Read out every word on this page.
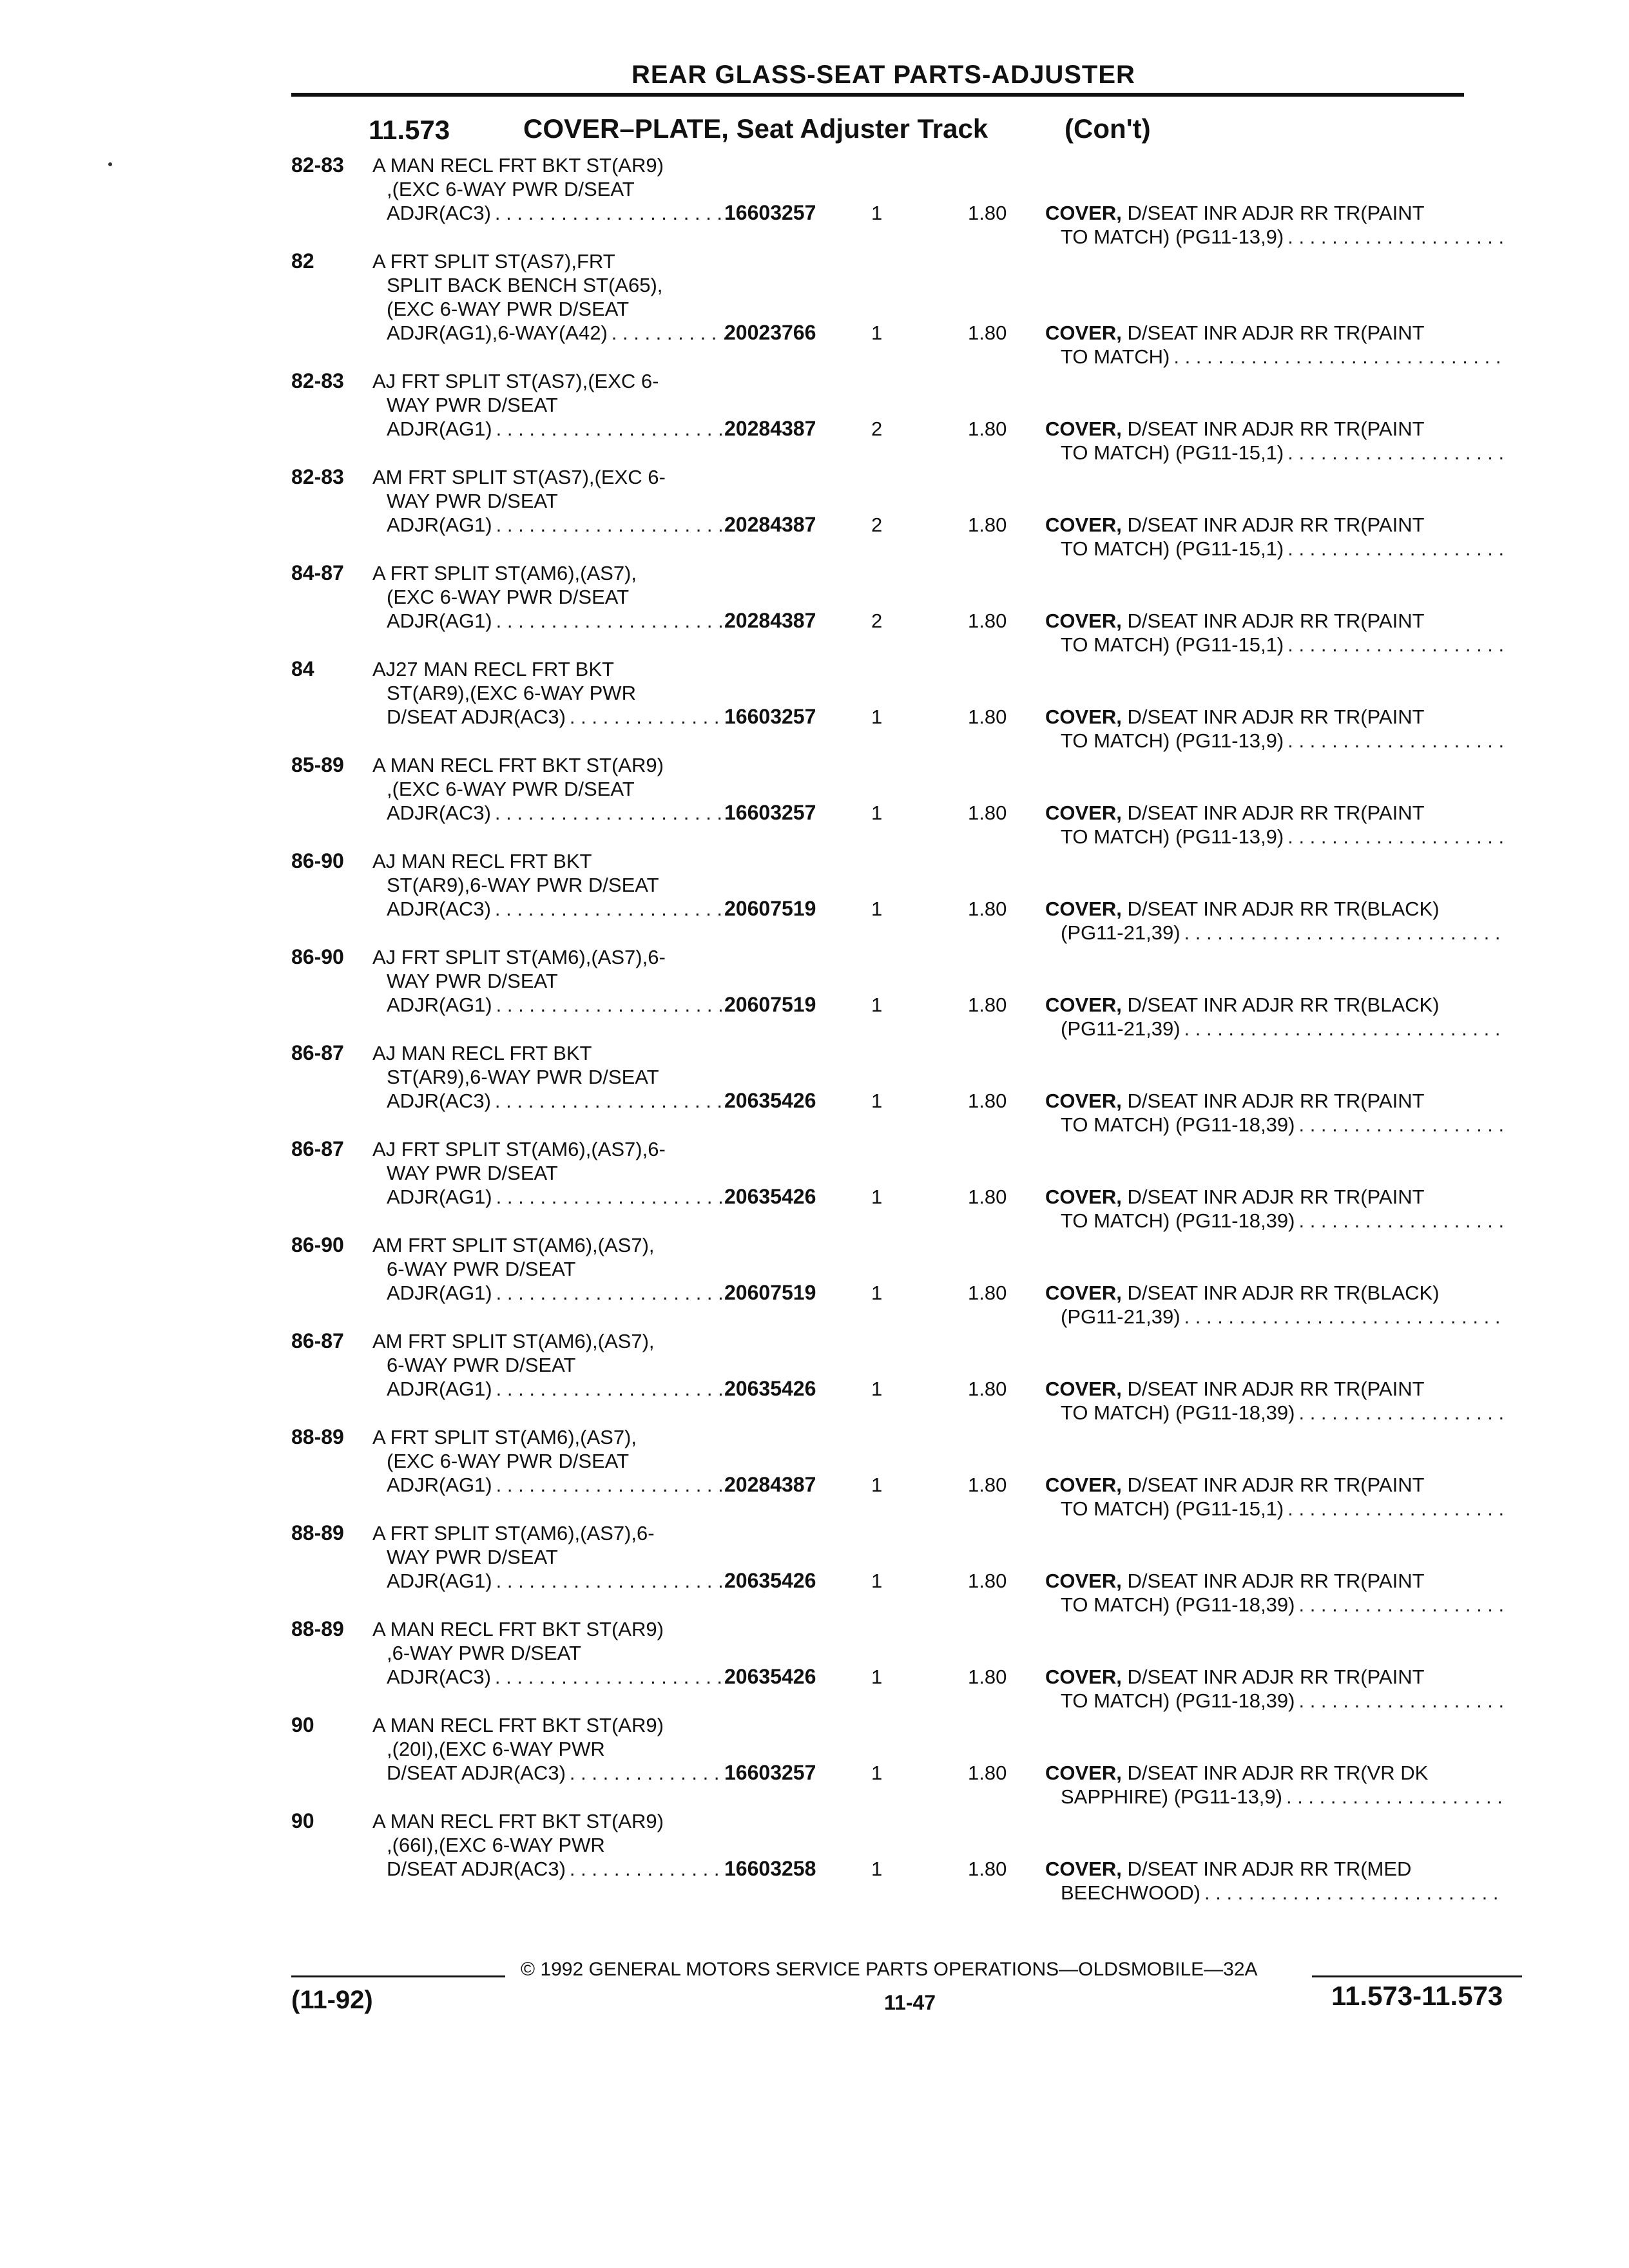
REAR GLASS-SEAT PARTS-ADJUSTER
11.573	COVER–PLATE, Seat Adjuster Track	(Con't)
82-83 A MAN RECL FRT BKT ST(AR9)
,(EXC 6-WAY PWR D/SEAT
ADJR(AC3) . . .	16603257	1	1.80 COVER, D/SEAT INR ADJR RR TR(PAINT
TO MATCH) (PG11-13,9)
. . .
82	A FRT SPLIT ST(AS7),FRT
SPLIT BACK BENCH ST(A65),
(EXC 6-WAY PWR D/SEAT
ADJR(AG1),6-WAY(A42) . . .	20023766	1	1.80 COVER, D/SEAT INR ADJR RR TR(PAINT
TO MATCH)
. . .
82-83 AJ FRT SPLIT ST(AS7),(EXC 6-
WAY PWR D/SEAT
ADJR(AG1) . . .	20284387	2	1.80 COVER, D/SEAT INR ADJR RR TR(PAINT
TO MATCH) (PG11-15,1)
. . .
82-83 AM FRT SPLIT ST(AS7),(EXC 6-
WAY PWR D/SEAT
ADJR(AG1) . . .	20284387	2	1.80 COVER, D/SEAT INR ADJR RR TR(PAINT
TO MATCH) (PG11-15,1)
. . .
84-87 A FRT SPLIT ST(AM6),(AS7),
(EXC 6-WAY PWR D/SEAT
ADJR(AG1) . . .	20284387	2	1.80 COVER, D/SEAT INR ADJR RR TR(PAINT
TO MATCH) (PG11-15,1)
. . .
84	AJ27 MAN RECL FRT BKT
ST(AR9),(EXC 6-WAY PWR
D/SEAT ADJR(AC3) . . .	16603257	1	1.80 COVER, D/SEAT INR ADJR RR TR(PAINT
TO MATCH) (PG11-13,9)
. . .
85-89 A MAN RECL FRT BKT ST(AR9)
,(EXC 6-WAY PWR D/SEAT
ADJR(AC3) . . .	16603257	1	1.80 COVER, D/SEAT INR ADJR RR TR(PAINT
TO MATCH) (PG11-13,9)
. . .
86-90 AJ MAN RECL FRT BKT
ST(AR9),6-WAY PWR D/SEAT
ADJR(AC3) . . .	20607519	1	1.80 COVER, D/SEAT INR ADJR RR TR(BLACK)
(PG11-21,39)
. . .
86-90 AJ FRT SPLIT ST(AM6),(AS7),6-
WAY PWR D/SEAT
ADJR(AG1) . . .	20607519	1	1.80 COVER, D/SEAT INR ADJR RR TR(BLACK)
(PG11-21,39)
. . .
86-87 AJ MAN RECL FRT BKT
ST(AR9),6-WAY PWR D/SEAT
ADJR(AC3) . . .	20635426	1	1.80 COVER, D/SEAT INR ADJR RR TR(PAINT
TO MATCH) (PG11-18,39)
. . .
86-87 AJ FRT SPLIT ST(AM6),(AS7),6-
WAY PWR D/SEAT
ADJR(AG1) . . .	20635426	1	1.80 COVER, D/SEAT INR ADJR RR TR(PAINT
TO MATCH) (PG11-18,39)
. . .
86-90 AM FRT SPLIT ST(AM6),(AS7),
6-WAY PWR D/SEAT
ADJR(AG1) . . .	20607519	1	1.80 COVER, D/SEAT INR ADJR RR TR(BLACK)
(PG11-21,39)
. . .
86-87 AM FRT SPLIT ST(AM6),(AS7),
6-WAY PWR D/SEAT
ADJR(AG1) . . .	20635426	1	1.80 COVER, D/SEAT INR ADJR RR TR(PAINT
TO MATCH) (PG11-18,39)
. . .
88-89 A FRT SPLIT ST(AM6),(AS7),
(EXC 6-WAY PWR D/SEAT
ADJR(AG1) . . .	20284387	1	1.80 COVER, D/SEAT INR ADJR RR TR(PAINT
TO MATCH) (PG11-15,1)
. . .
88-89 A FRT SPLIT ST(AM6),(AS7),6-
WAY PWR D/SEAT
ADJR(AG1) . . .	20635426	1	1.80 COVER, D/SEAT INR ADJR RR TR(PAINT
TO MATCH) (PG11-18,39)
. . .
88-89 A MAN RECL FRT BKT ST(AR9)
,6-WAY PWR D/SEAT
ADJR(AC3) . . .	20635426	1	1.80 COVER, D/SEAT INR ADJR RR TR(PAINT
TO MATCH) (PG11-18,39)
. . .
90	A MAN RECL FRT BKT ST(AR9)
,(20I),(EXC 6-WAY PWR
D/SEAT ADJR(AC3) . . .	16603257	1	1.80 COVER, D/SEAT INR ADJR RR TR(VR DK
SAPPHIRE) (PG11-13,9)
. . .
90	A MAN RECL FRT BKT ST(AR9)
,(66I),(EXC 6-WAY PWR
D/SEAT ADJR(AC3) . . .	16603258	1	1.80 COVER, D/SEAT INR ADJR RR TR(MED
BEECHWOOD)
. . .
© 1992 GENERAL MOTORS SERVICE PARTS OPERATIONS—OLDSMOBILE—32A
(11-92)	11-47	11.573-11.573
